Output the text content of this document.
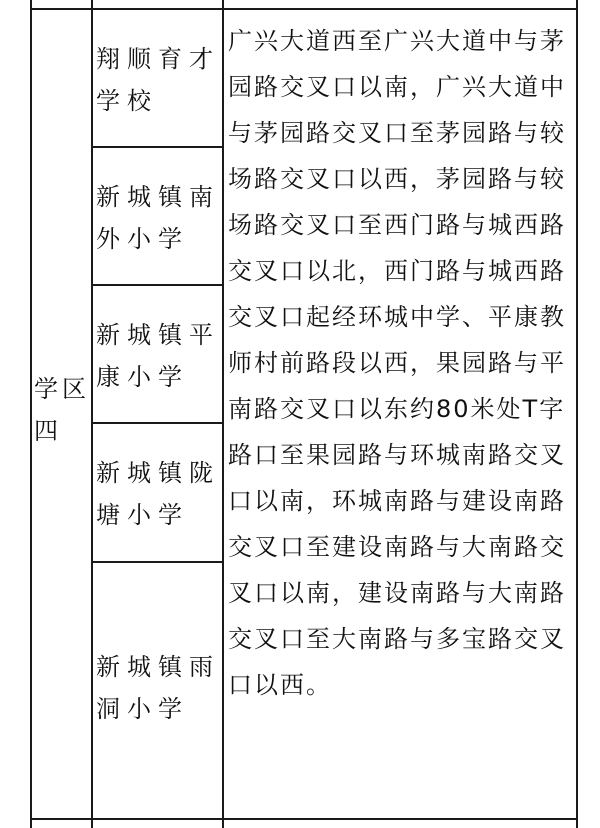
学区四
翔顺育才学校
新城镇南外小学
新城镇平康小学
新城镇陇塘小学
新城镇雨洞小学
广兴大道西至广兴大道中与茅园路交叉口以南，广兴大道中与茅园路交叉口至茅园路与较场路交叉口以西，茅园路与较场路交叉口至西门路与城西路交叉口以北，西门路与城西路交叉口起经环城中学、平康教师村前路段以西，果园路与平南路交叉口以东约80米处T字路口至果园路与环城南路交叉口以南，环城南路与建设南路交叉口至建设南路与大南路交叉口以南，建设南路与大南路交叉口至大南路与多宝路交叉口以西。
